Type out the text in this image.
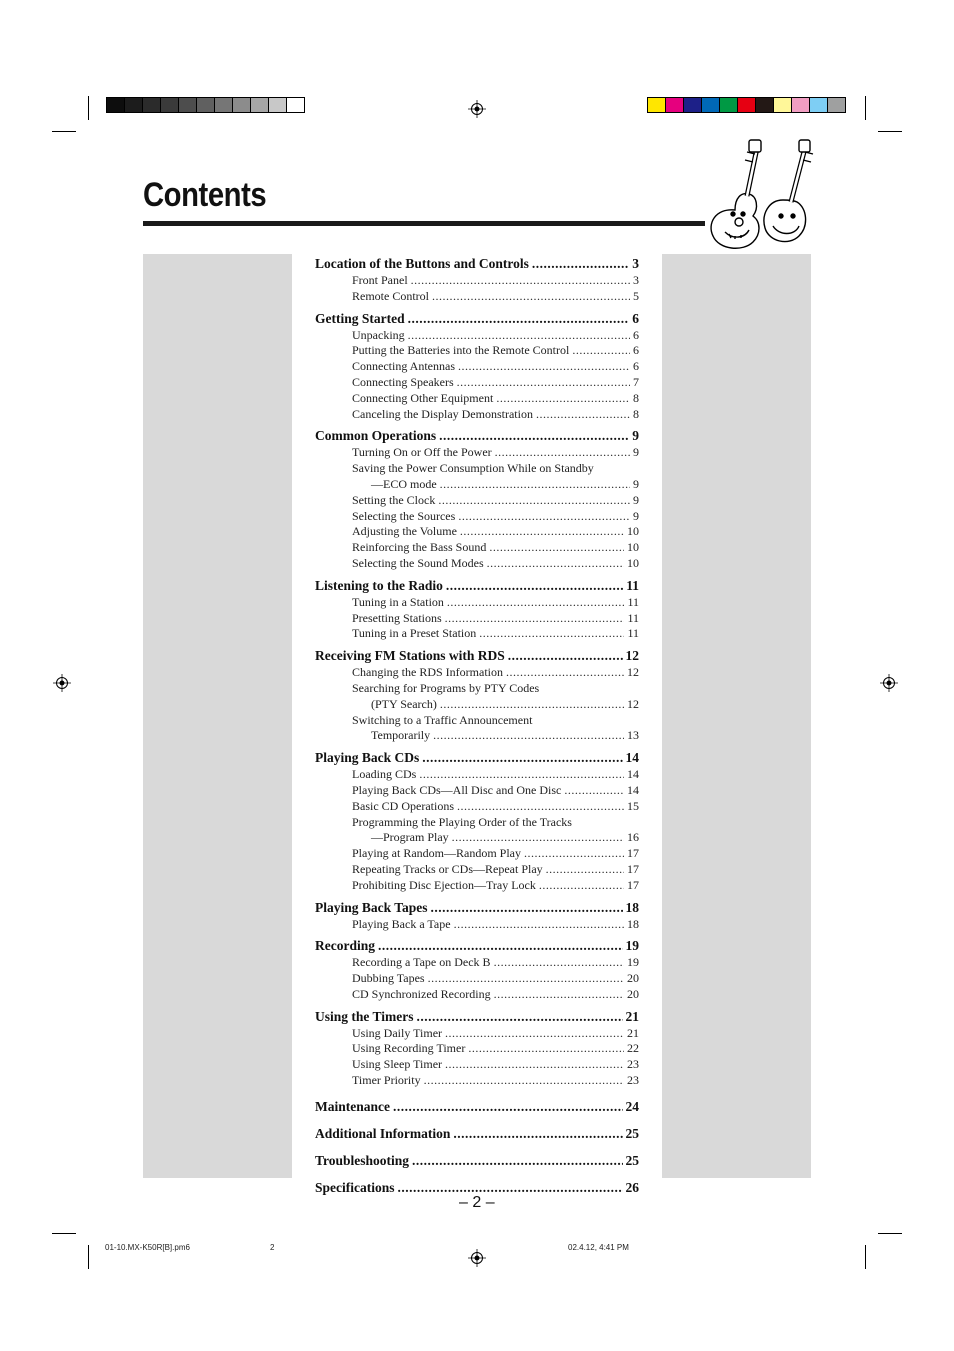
Contents
Location of the Buttons and Controls .....	3
Front Panel .....	3
Remote Control .....	5
Getting Started .....	6
Unpacking .....	6
Putting the Batteries into the Remote Control .....	6
Connecting Antennas .....	6
Connecting Speakers .....	7
Connecting Other Equipment .....	8
Canceling the Display Demonstration .....	8
Common Operations .....	9
Turning On or Off the Power .....	9
Saving the Power Consumption While on Standby
—ECO mode .....	9
Setting the Clock .....	9
Selecting the Sources .....	9
Adjusting the Volume .....	10
Reinforcing the Bass Sound .....	10
Selecting the Sound Modes .....	10
Listening to the Radio .....	11
Tuning in a Station .....	11
Presetting Stations .....	11
Tuning in a Preset Station .....	11
Receiving FM Stations with RDS .....	12
Changing the RDS Information .....	12
Searching for Programs by PTY Codes
(PTY Search) .....	12
Switching to a Traffic Announcement
Temporarily .....	13
Playing Back CDs .....	14
Loading CDs .....	14
Playing Back CDs—All Disc and One Disc .....	14
Basic CD Operations .....	15
Programming the Playing Order of the Tracks
—Program Play .....	16
Playing at Random—Random Play .....	17
Repeating Tracks or CDs—Repeat Play .....	17
Prohibiting Disc Ejection—Tray Lock .....	17
Playing Back Tapes .....	18
Playing Back a Tape .....	18
Recording .....	19
Recording a Tape on Deck B .....	19
Dubbing Tapes .....	20
CD Synchronized Recording .....	20
Using the Timers .....	21
Using Daily Timer .....	21
Using Recording Timer .....	22
Using Sleep Timer .....	23
Timer Priority .....	23
Maintenance .....	24
Additional Information .....	25
Troubleshooting .....	25
Specifications .....	26
– 2 –
01-10.MX-K50R[B].pm6	2	02.4.12, 4:41 PM
